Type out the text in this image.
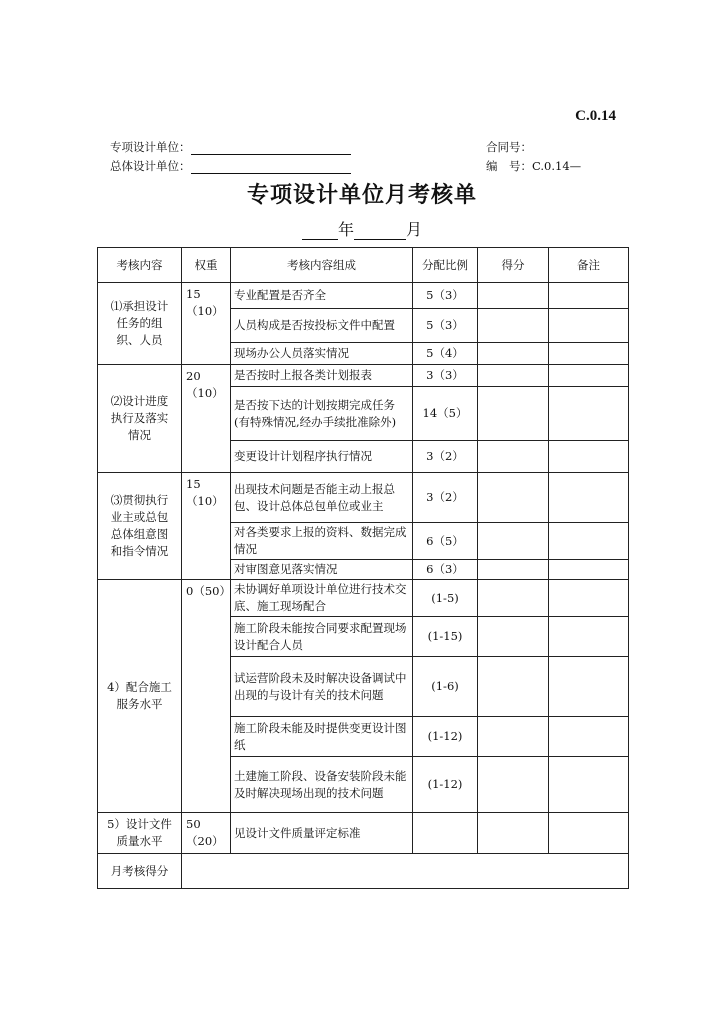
C.0.14
专项设计单位：
总体设计单位：
合同号：
编　号：C.0.14—
专项设计单位月考核单
年	月
考核内容	权重	考核内容组成	分配比例	得分	备注
⑴承担设计任务的组织、人员	15（10）	专业配置是否齐全	5（3）		
		人员构成是否按投标文件中配置	5（3）		
		现场办公人员落实情况	5（4）		
⑵设计进度执行及落实情况	20（10）	是否按时上报各类计划报表	3（3）		
		是否按下达的计划按期完成任务(有特殊情况,经办手续批准除外)	14（5）		
		变更设计计划程序执行情况	3（2）		
⑶贯彻执行业主或总包总体组意图和指令情况	15（10）	出现技术问题是否能主动上报总包、设计总体总包单位或业主	3（2）		
		对各类要求上报的资料、数据完成情况	6（5）		
		对审图意见落实情况	6（3）		
4）配合施工服务水平	0（50）	未协调好单项设计单位进行技术交底、施工现场配合	(1-5)		
		施工阶段未能按合同要求配置现场设计配合人员	(1-15)		
		试运营阶段未及时解决设备调试中出现的与设计有关的技术问题	(1-6)		
		施工阶段未能及时提供变更设计图纸	(1-12)		
		土建施工阶段、设备安装阶段未能及时解决现场出现的技术问题	(1-12)		
5）设计文件质量水平	50（20）	见设计文件质量评定标准			
月考核得分					
